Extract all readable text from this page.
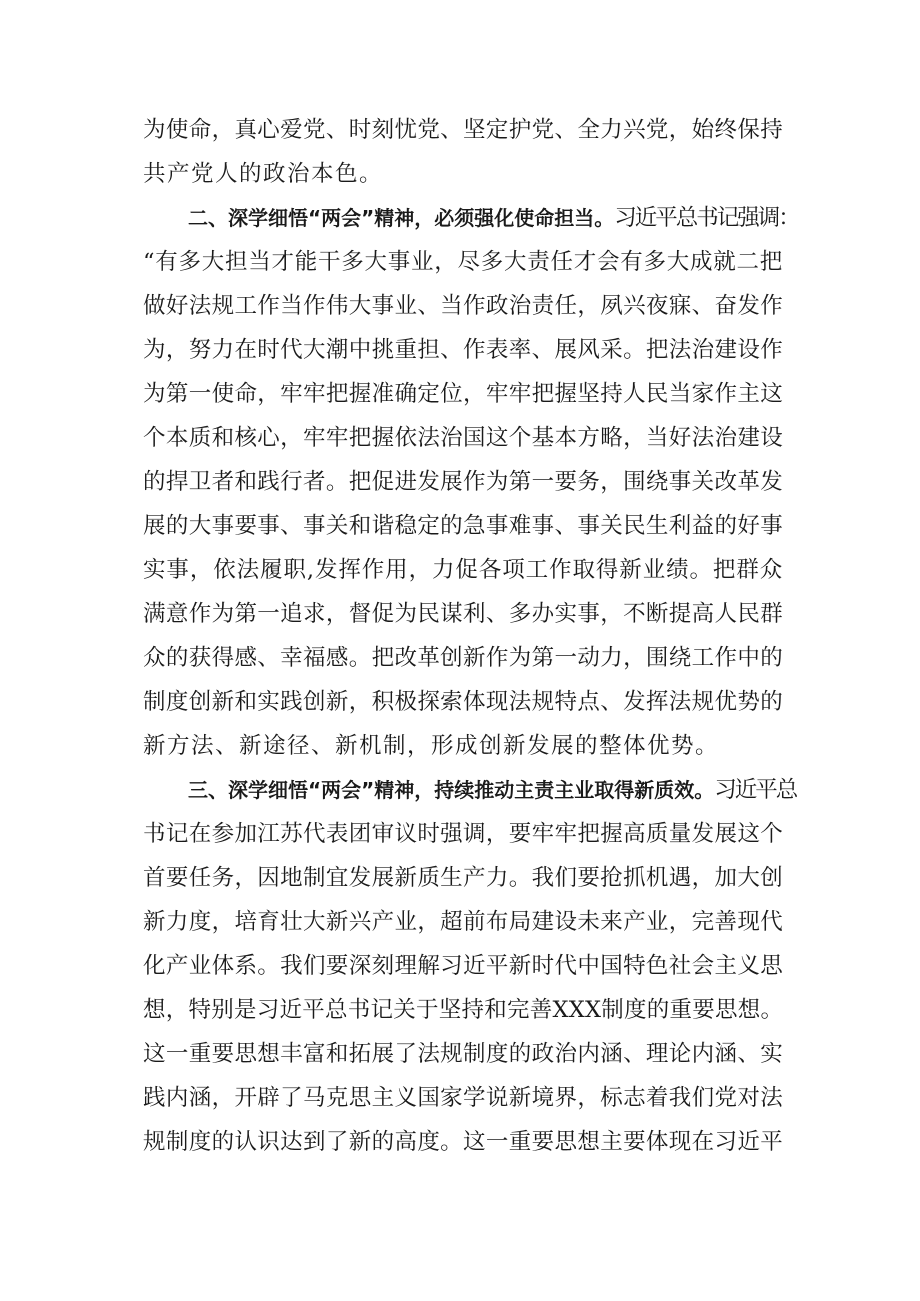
为使命，真心爱党、时刻忧党、坚定护党、全力兴党，始终保持
共产党人的政治本色。
二、深学细悟“两会”精神，必须强化使命担当。习近平总书记强调：
“有多大担当才能干多大事业，尽多大责任才会有多大成就二把
做好法规工作当作伟大事业、当作政治责任，夙兴夜寐、奋发作
为，努力在时代大潮中挑重担、作表率、展风采。把法治建设作
为第一使命，牢牢把握准确定位，牢牢把握坚持人民当家作主这
个本质和核心，牢牢把握依法治国这个基本方略，当好法治建设
的捍卫者和践行者。把促进发展作为第一要务，围绕事关改革发
展的大事要事、事关和谐稳定的急事难事、事关民生利益的好事
实事，依法履职,发挥作用，力促各项工作取得新业绩。把群众
满意作为第一追求，督促为民谋利、多办实事，不断提高人民群
众的获得感、幸福感。把改革创新作为第一动力，围绕工作中的
制度创新和实践创新，积极探索体现法规特点、发挥法规优势的
新方法、新途径、新机制，形成创新发展的整体优势。
三、深学细悟“两会”精神，持续推动主责主业取得新质效。习近平总
书记在参加江苏代表团审议时强调，要牢牢把握高质量发展这个
首要任务，因地制宜发展新质生产力。我们要抢抓机遇，加大创
新力度，培育壮大新兴产业，超前布局建设未来产业，完善现代
化产业体系。我们要深刻理解习近平新时代中国特色社会主义思
想，特别是习近平总书记关于坚持和完善XXX制度的重要思想。
这一重要思想丰富和拓展了法规制度的政治内涵、理论内涵、实
践内涵，开辟了马克思主义国家学说新境界，标志着我们党对法
规制度的认识达到了新的高度。这一重要思想主要体现在习近平
